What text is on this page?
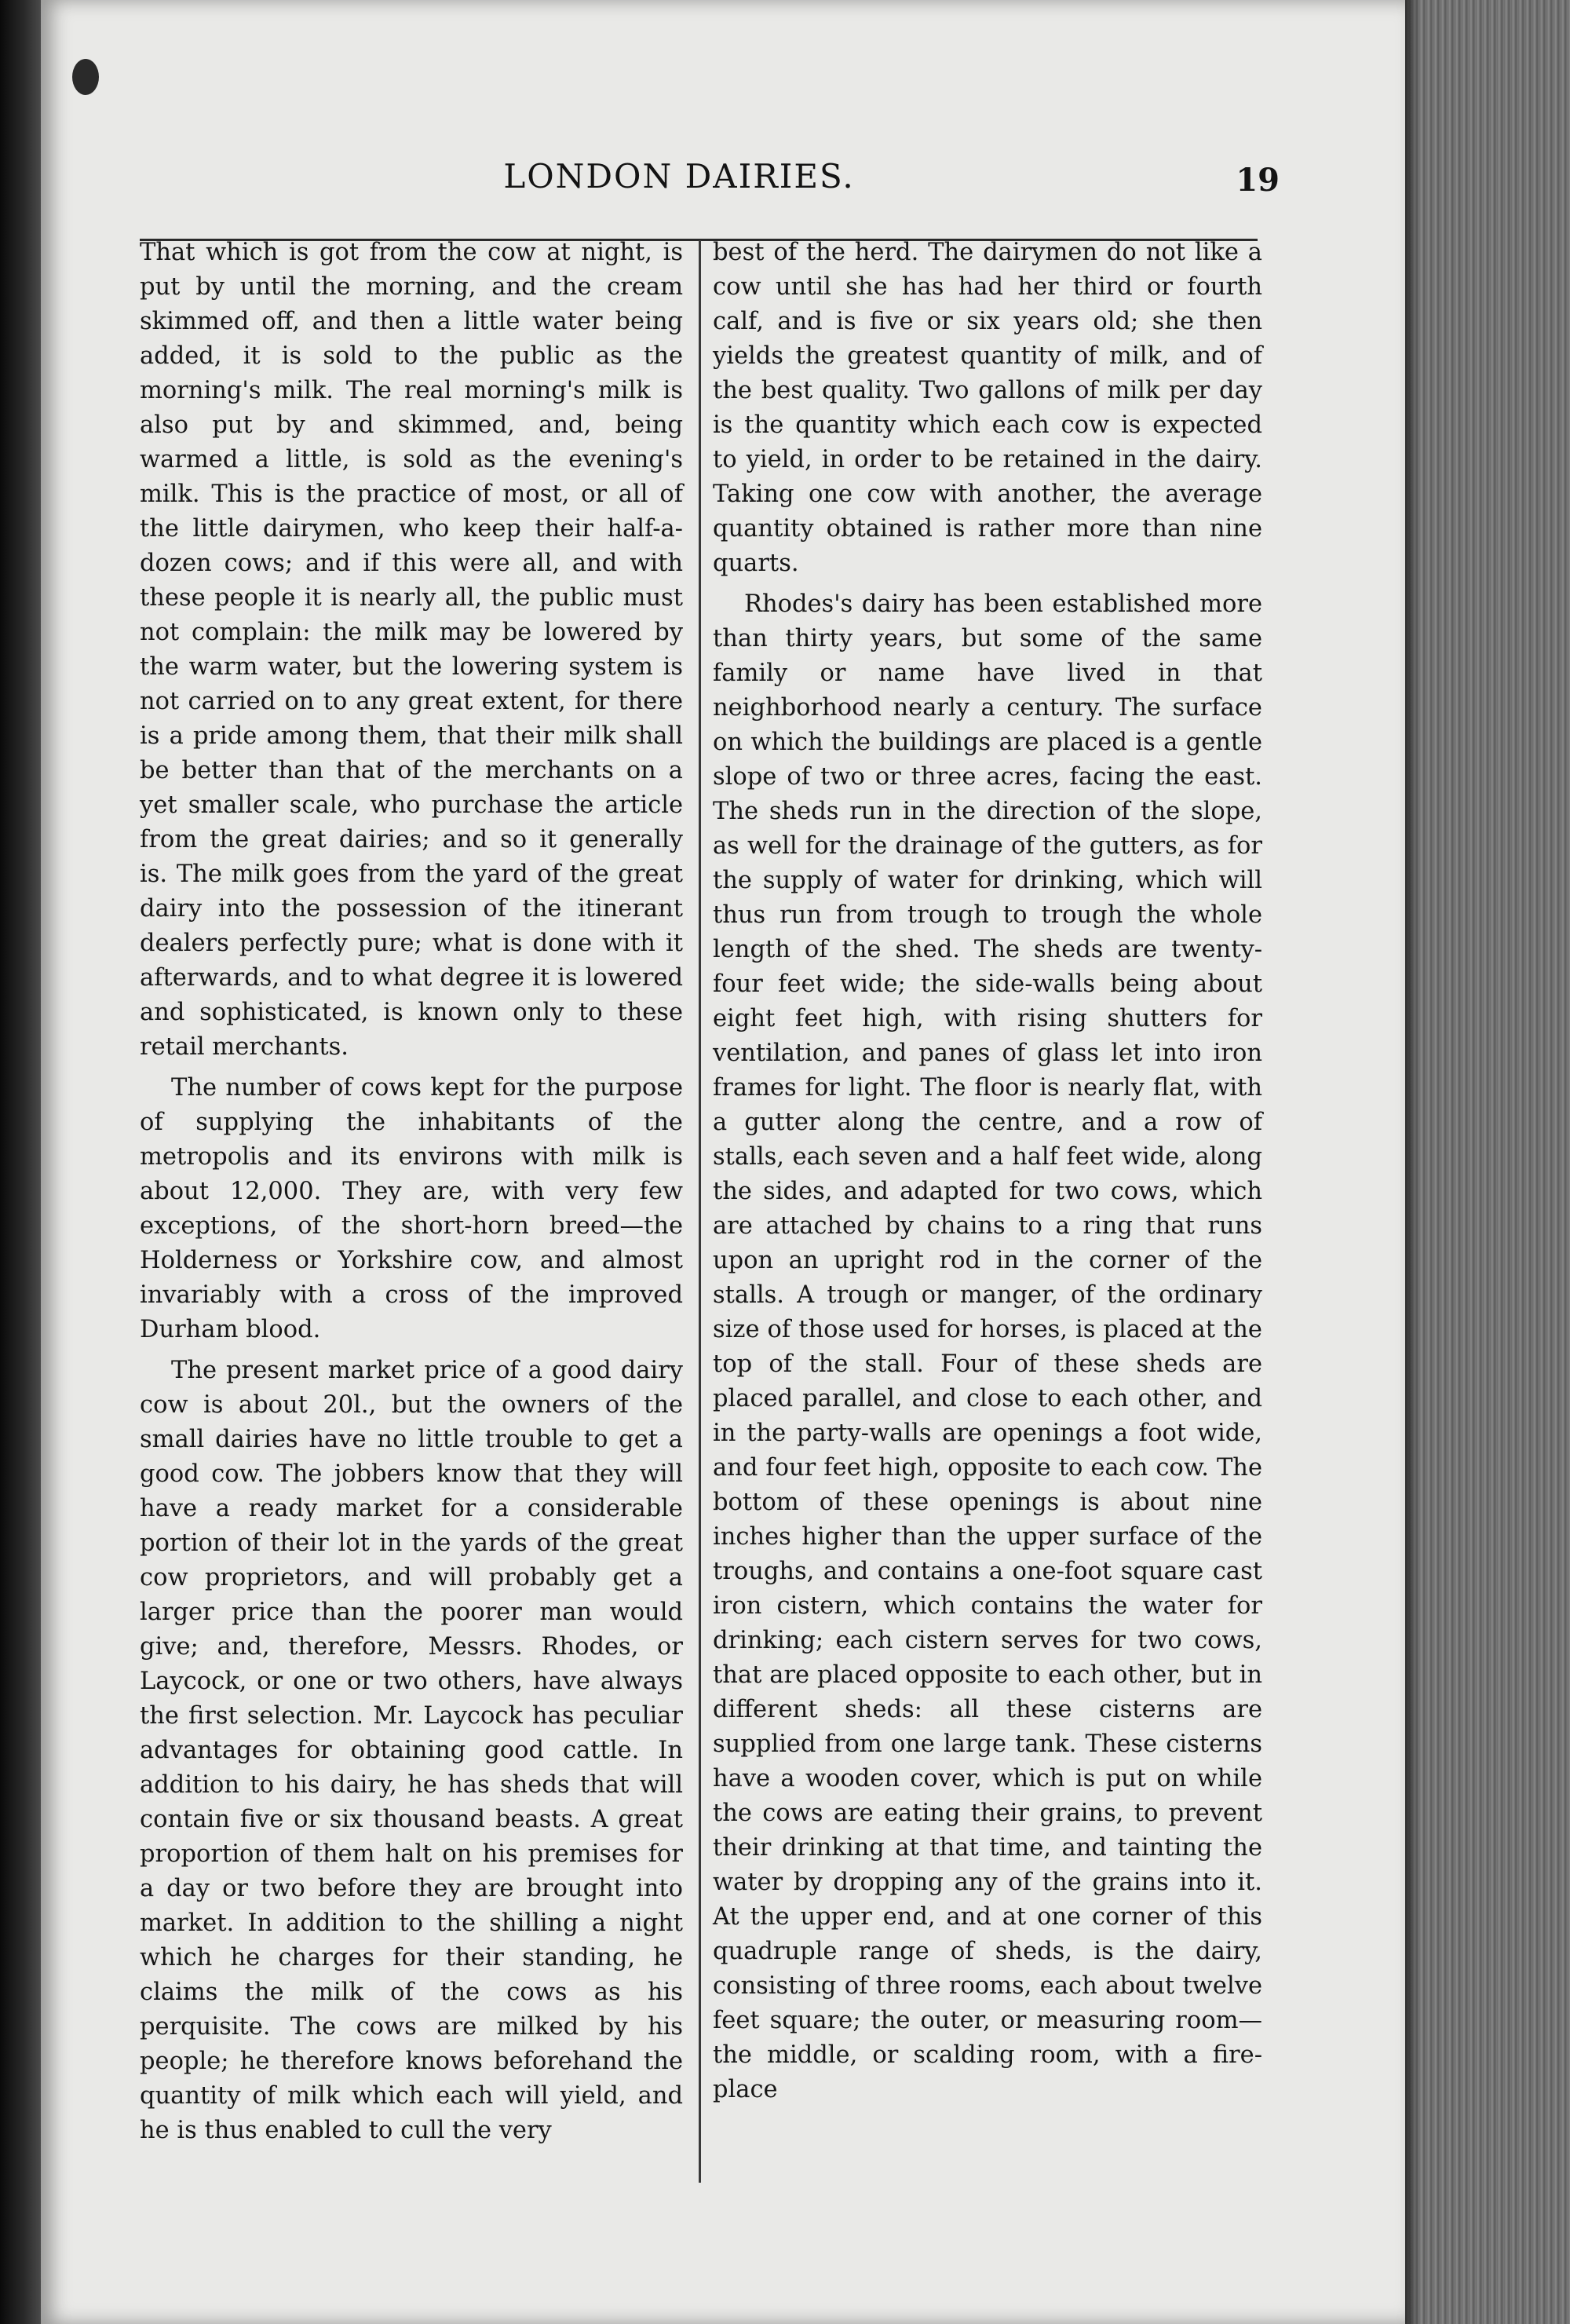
LONDON DAIRIES.	19

That which is got from the cow at night, is put by until the morning, and the cream skimmed off, and then a little water being added, it is sold to the public as the morning's milk. The real morning's milk is also put by and skimmed, and, being warmed a little, is sold as the evening's milk. This is the practice of most, or all of the little dairymen, who keep their half-a-dozen cows; and if this were all, and with these people it is nearly all, the public must not complain: the milk may be lowered by the warm water, but the lowering system is not carried on to any great extent, for there is a pride among them, that their milk shall be better than that of the merchants on a yet smaller scale, who purchase the article from the great dairies; and so it generally is. The milk goes from the yard of the great dairy into the possession of the itinerant dealers perfectly pure; what is done with it afterwards, and to what degree it is lowered and sophisticated, is known only to these retail merchants.

The number of cows kept for the purpose of supplying the inhabitants of the metropolis and its environs with milk is about 12,000. They are, with very few exceptions, of the short-horn breed—the Holderness or Yorkshire cow, and almost invariably with a cross of the improved Durham blood.

The present market price of a good dairy cow is about 20l., but the owners of the small dairies have no little trouble to get a good cow. The jobbers know that they will have a ready market for a considerable portion of their lot in the yards of the great cow proprietors, and will probably get a larger price than the poorer man would give; and, therefore, Messrs. Rhodes, or Laycock, or one or two others, have always the first selection. Mr. Laycock has peculiar advantages for obtaining good cattle. In addition to his dairy, he has sheds that will contain five or six thousand beasts. A great proportion of them halt on his premises for a day or two before they are brought into market. In addition to the shilling a night which he charges for their standing, he claims the milk of the cows as his perquisite. The cows are milked by his people; he therefore knows beforehand the quantity of milk which each will yield, and he is thus enabled to cull the very

best of the herd. The dairymen do not like a cow until she has had her third or fourth calf, and is five or six years old; she then yields the greatest quantity of milk, and of the best quality. Two gallons of milk per day is the quantity which each cow is expected to yield, in order to be retained in the dairy. Taking one cow with another, the average quantity obtained is rather more than nine quarts.

Rhodes's dairy has been established more than thirty years, but some of the same family or name have lived in that neighborhood nearly a century. The surface on which the buildings are placed is a gentle slope of two or three acres, facing the east. The sheds run in the direction of the slope, as well for the drainage of the gutters, as for the supply of water for drinking, which will thus run from trough to trough the whole length of the shed. The sheds are twenty-four feet wide; the side-walls being about eight feet high, with rising shutters for ventilation, and panes of glass let into iron frames for light. The floor is nearly flat, with a gutter along the centre, and a row of stalls, each seven and a half feet wide, along the sides, and adapted for two cows, which are attached by chains to a ring that runs upon an upright rod in the corner of the stalls. A trough or manger, of the ordinary size of those used for horses, is placed at the top of the stall. Four of these sheds are placed parallel, and close to each other, and in the party-walls are openings a foot wide, and four feet high, opposite to each cow. The bottom of these openings is about nine inches higher than the upper surface of the troughs, and contains a one-foot square cast iron cistern, which contains the water for drinking; each cistern serves for two cows, that are placed opposite to each other, but in different sheds: all these cisterns are supplied from one large tank. These cisterns have a wooden cover, which is put on while the cows are eating their grains, to prevent their drinking at that time, and tainting the water by dropping any of the grains into it. At the upper end, and at one corner of this quadruple range of sheds, is the dairy, consisting of three rooms, each about twelve feet square; the outer, or measuring room—the middle, or scalding room, with a fire-place
